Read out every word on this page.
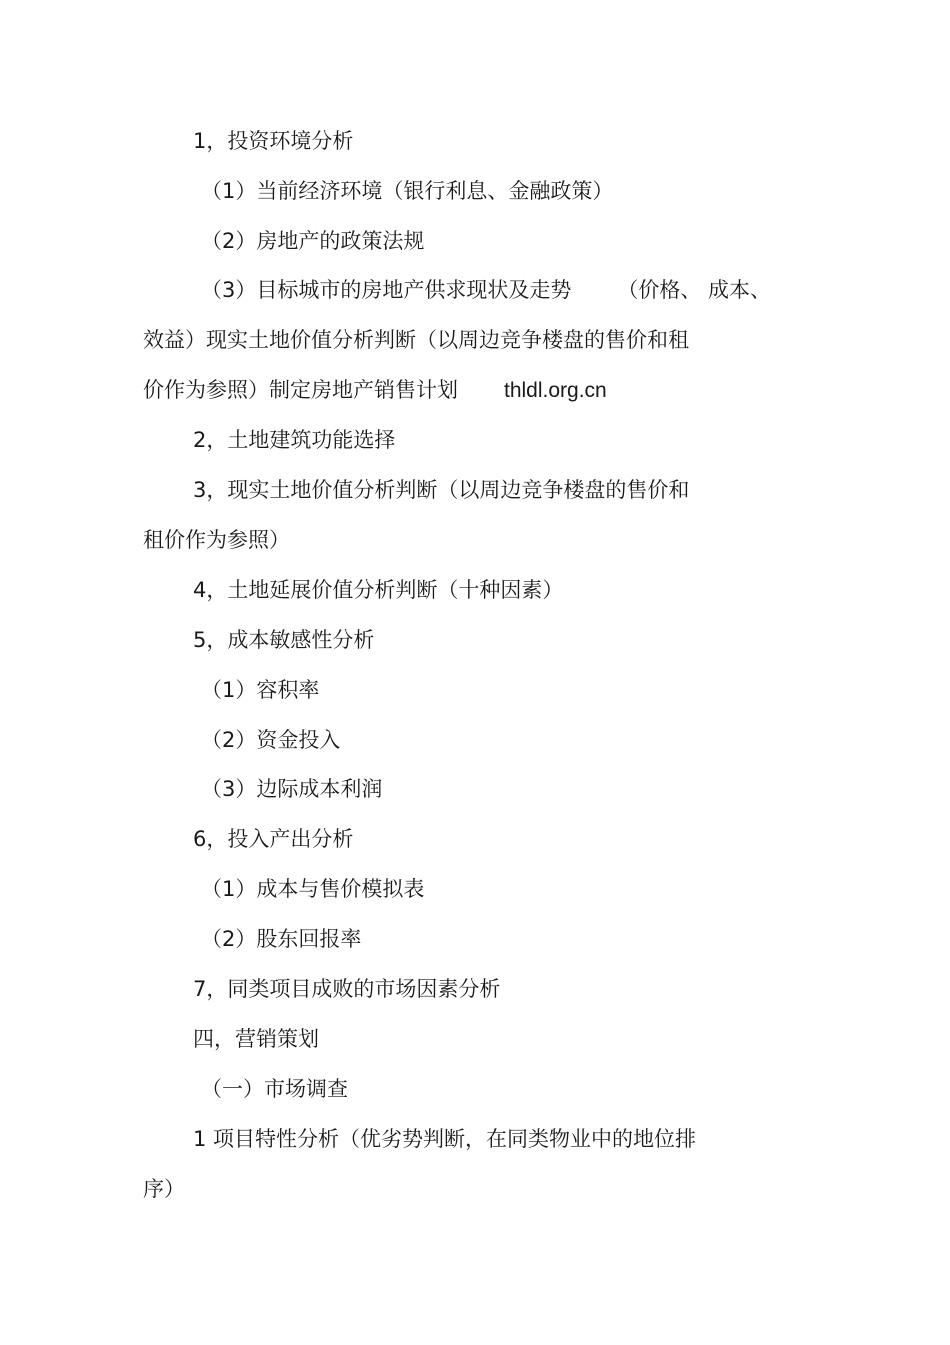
1，投资环境分析
（1）当前经济环境（银行利息、金融政策）
（2）房地产的政策法规
（3）目标城市的房地产供求现状及走势 （价格、 成本、
效益）现实土地价值分析判断（以周边竞争楼盘的售价和租
价作为参照）制定房地产销售计划 thldl.org.cn
2，土地建筑功能选择
3，现实土地价值分析判断（以周边竞争楼盘的售价和
租价作为参照）
4，土地延展价值分析判断（十种因素）
5，成本敏感性分析
（1）容积率
（2）资金投入
（3）边际成本利润
6，投入产出分析
（1）成本与售价模拟表
（2）股东回报率
7，同类项目成败的市场因素分析
四，营销策划
（一）市场调查
1 项目特性分析（优劣势判断，在同类物业中的地位排
序）
